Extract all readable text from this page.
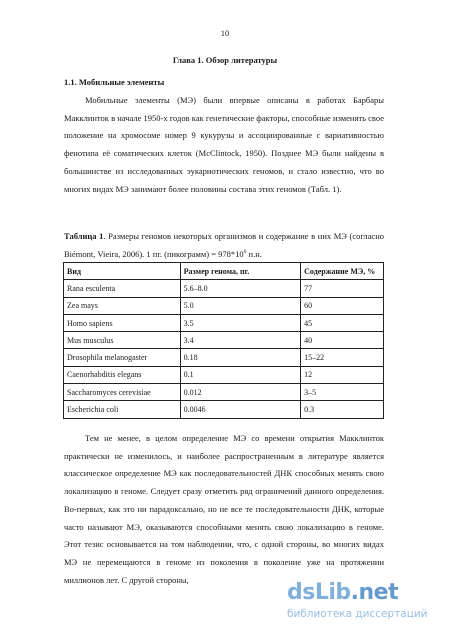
10
Глава 1. Обзор литературы
1.1. Мобильные элементы

Мобильные элементы (МЭ) были впервые описаны в работах Барбары Макклинток в начале 1950-х годов как генетические факторы, способные изменять свое положение на хромосоме номер 9 кукурузы и ассоциированные с вариативностью фенотипа её соматических клеток (McClintock, 1950). Позднее МЭ были найдены в большинстве из исследованных эукариотических геномов, и стало известно, что во многих видах МЭ занимают более половины состава этих геномов (Табл. 1).

Таблица 1. Размеры геномов некоторых организмов и содержание в них МЭ (согласно Biémont, Vieira, 2006). 1 пг. (пикограмм) = $978*10^6$ п.н.

Вид	Размер генома, пг.	Содержание МЭ, %
Rana esculenta	5.6–8.0	77
Zea mays	5.0	60
Homo sapiens	3.5	45
Mus musculus	3.4	40
Drosophila melanogaster	0.18	15–22
Caenorhabditis elegans	0.1	12
Saccharomyces cerevisiae	0.012	3–5
Escherichia coli	0.0046	0.3

Тем не менее, в целом определение МЭ со времени открытия Макклинток практически не изменилось, и наиболее распространенным в литературе является классическое определение МЭ как последовательностей ДНК способных менять свою локализацию в геноме. Следует сразу отметить ряд ограничений данного определения. Во-первых, как это ни парадоксально, но не все те последовательности ДНК, которые часто называют МЭ, оказываются способными менять свою локализацию в геноме. Этот тезис основывается на том наблюдении, что, с одной стороны, во многих видах МЭ не перемещаются в геноме из поколения в поколение уже на протяжении миллионов лет. С другой стороны,

dsLib.net
библиотека диссертаций
